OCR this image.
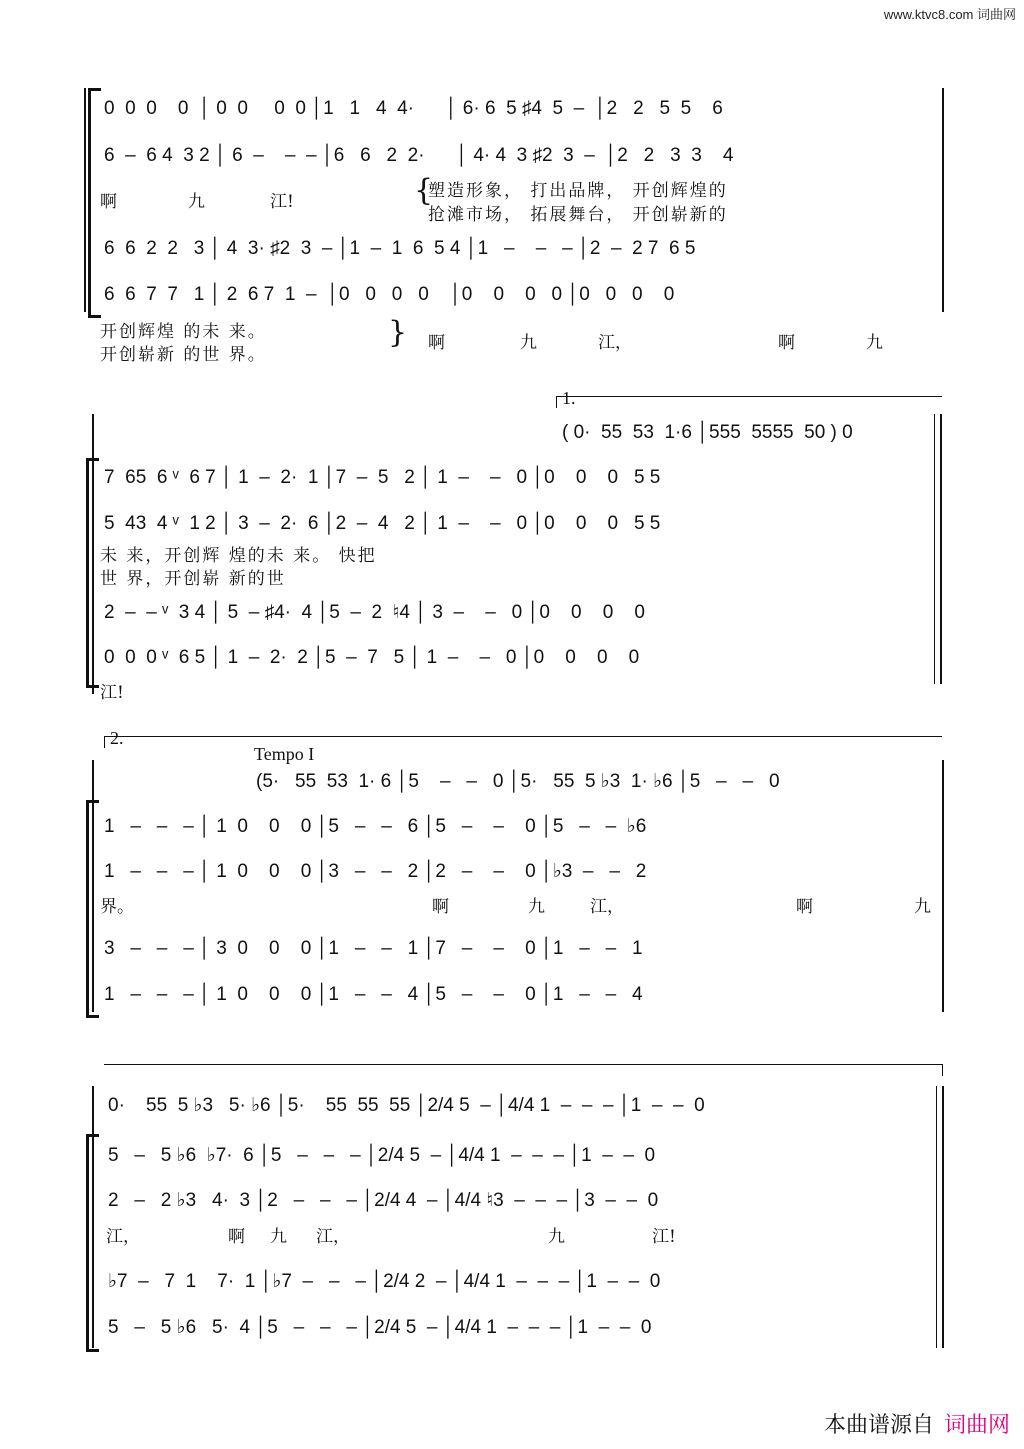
www.ktvc8.com 词曲网
0  0  0    0  │ 0  0     0  0 │1   1   4  4·      │ 6· 6  5 ♯4  5  –  │2   2   5  5    6
6  –  6 4  3 2 │ 6  –    –  – │6   6   2  2·      │ 4· 4  3 ♯2  3  –  │2   2   3  3    4
啊	九	江!	{
塑造形象， 打出品牌， 开创辉煌的
抢滩市场， 拓展舞台， 开创崭新的
6  6  2  2   3 │ 4  3· ♯2  3  – │1  –  1  6  5 4 │1   –    –   – │2  –  2 7  6 5
6  6  7  7   1 │ 2  6 7  1  –  │0   0   0   0    │0    0    0   0 │0   0   0    0
开创辉煌 的未 来。
开创崭新 的世 界。
} 啊	九	江，	啊	九
1.
( 0·  55  53  1·6 │555  5555  50 ) 0
7  65  6 ᵛ  6 7 │ 1  –  2·  1 │7  –  5   2 │ 1  –    –   0 │0    0    0   5 5
5  43  4 ᵛ  1 2 │ 3  –  2·  6 │2  –  4   2 │ 1  –    –   0 │0    0    0   5 5
未 来，开创辉 煌的未 来。 快把
世 界，开创崭 新的世
2  –  – ᵛ  3 4 │ 5  – ♯4·  4 │5  –  2  ♮4 │ 3  –    –   0 │0    0    0    0
0  0  0 ᵛ  6 5 │ 1  –  2·  2 │5  –  7   5 │ 1  –    –   0 │0    0    0    0
江!
2.
Tempo I
(5·   55  53  1· 6 │5    –   –   0 │5·   55  5 ♭3  1· ♭6 │5   –   –   0
1   –   –   – │ 1  0    0    0 │5   –   –   6 │5   –    –    0 │5   –   –  ♭6
1   –   –   – │ 1  0    0    0 │3   –   –   2 │2   –    –    0 │♭3  –   –   2
界。	啊	九	江，	啊	九
3   –   –   – │ 3  0    0    0 │1   –   –   1 │7   –    –    0 │1   –   –   1
1   –   –   – │ 1  0    0    0 │1   –   –   4 │5   –    –    0 │1   –   –   4
0·    55  5 ♭3   5· ♭6 │5·    55  55  55 │2/4 5  – │4/4 1  –  –  – │1  –  –  0
5   –   5 ♭6  ♭7·  6 │5   –   –   – │2/4 5  – │4/4 1  –  –  – │1  –  –  0
2   –   2 ♭3   4·  3 │2   –   –   – │2/4 4  – │4/4 ♮3  –  –  – │3  –  –  0
江，	啊 九 江，	九	江!
♭7  –   7  1    7·  1 │♭7  –   –   – │2/4 2  – │4/4 1  –  –  – │1  –  –  0
5   –   5 ♭6   5·  4 │5   –   –   – │2/4 5  – │4/4 1  –  –  – │1  –  –  0
本曲谱源自 词曲网
